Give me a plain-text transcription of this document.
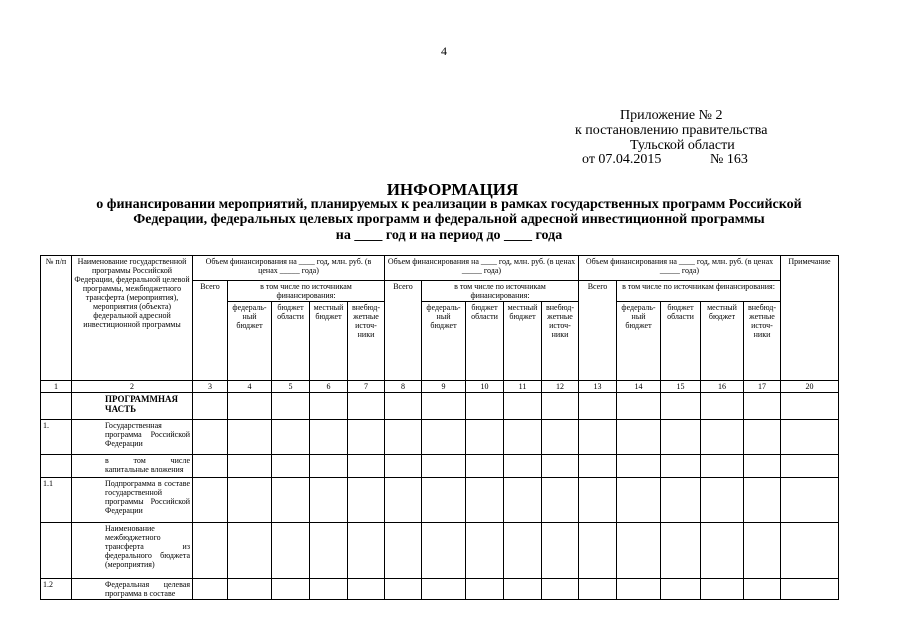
4
Приложение № 2
к постановлению правительства
Тульской области
от 07.04.2015	№ 163
ИНФОРМАЦИЯ
о финансировании мероприятий, планируемых к реализации в рамках государственных программ Российской
Федерации, федеральных целевых программ и федеральной адресной инвестиционной программы
на ____ год и на период до ____ года
№ п/п	Наименование государственной программы Российской Федерации, федеральной целевой программы, межбюджетного трансферта (мероприятия), мероприятия (объекта) федеральной адресной инвестиционной программы	Объем финансирования на ____ год, млн. руб. (в ценах _____ года)					Объем финансирования на ____ год, млн. руб. (в ценах _____ года)					Объем финансирования на ____ год, млн. руб. (в ценах _____ года)					Примечание
		Всего	в том числе по источникам финансирования:				Всего	в том числе по источникам финансирования:				Всего	в том числе по источникам финансирования:				
			федераль-ный бюджет	бюджет области	местный бюджет	внебюд-жетные источ-ники		федераль-ный бюджет	бюджет области	местный бюджет	внебюд-жетные источ-ники		федераль-ный бюджет	бюджет области	местный бюджет	внебюд-жетные источ-ники	
1	2	3	4	5	6	7	8	9	10	11	12	13	14	15	16	17	20
	ПРОГРАММНАЯ ЧАСТЬ																
1.	Государственная программа Российской Федерации																
	в том числе капитальные вложения																
1.1	Подпрограмма в составе государственной программы Российской Федерации																
	Наименование межбюджетного трансферта из федерального бюджета (мероприятия)																
1.2	Федеральная целевая программа в составе																
